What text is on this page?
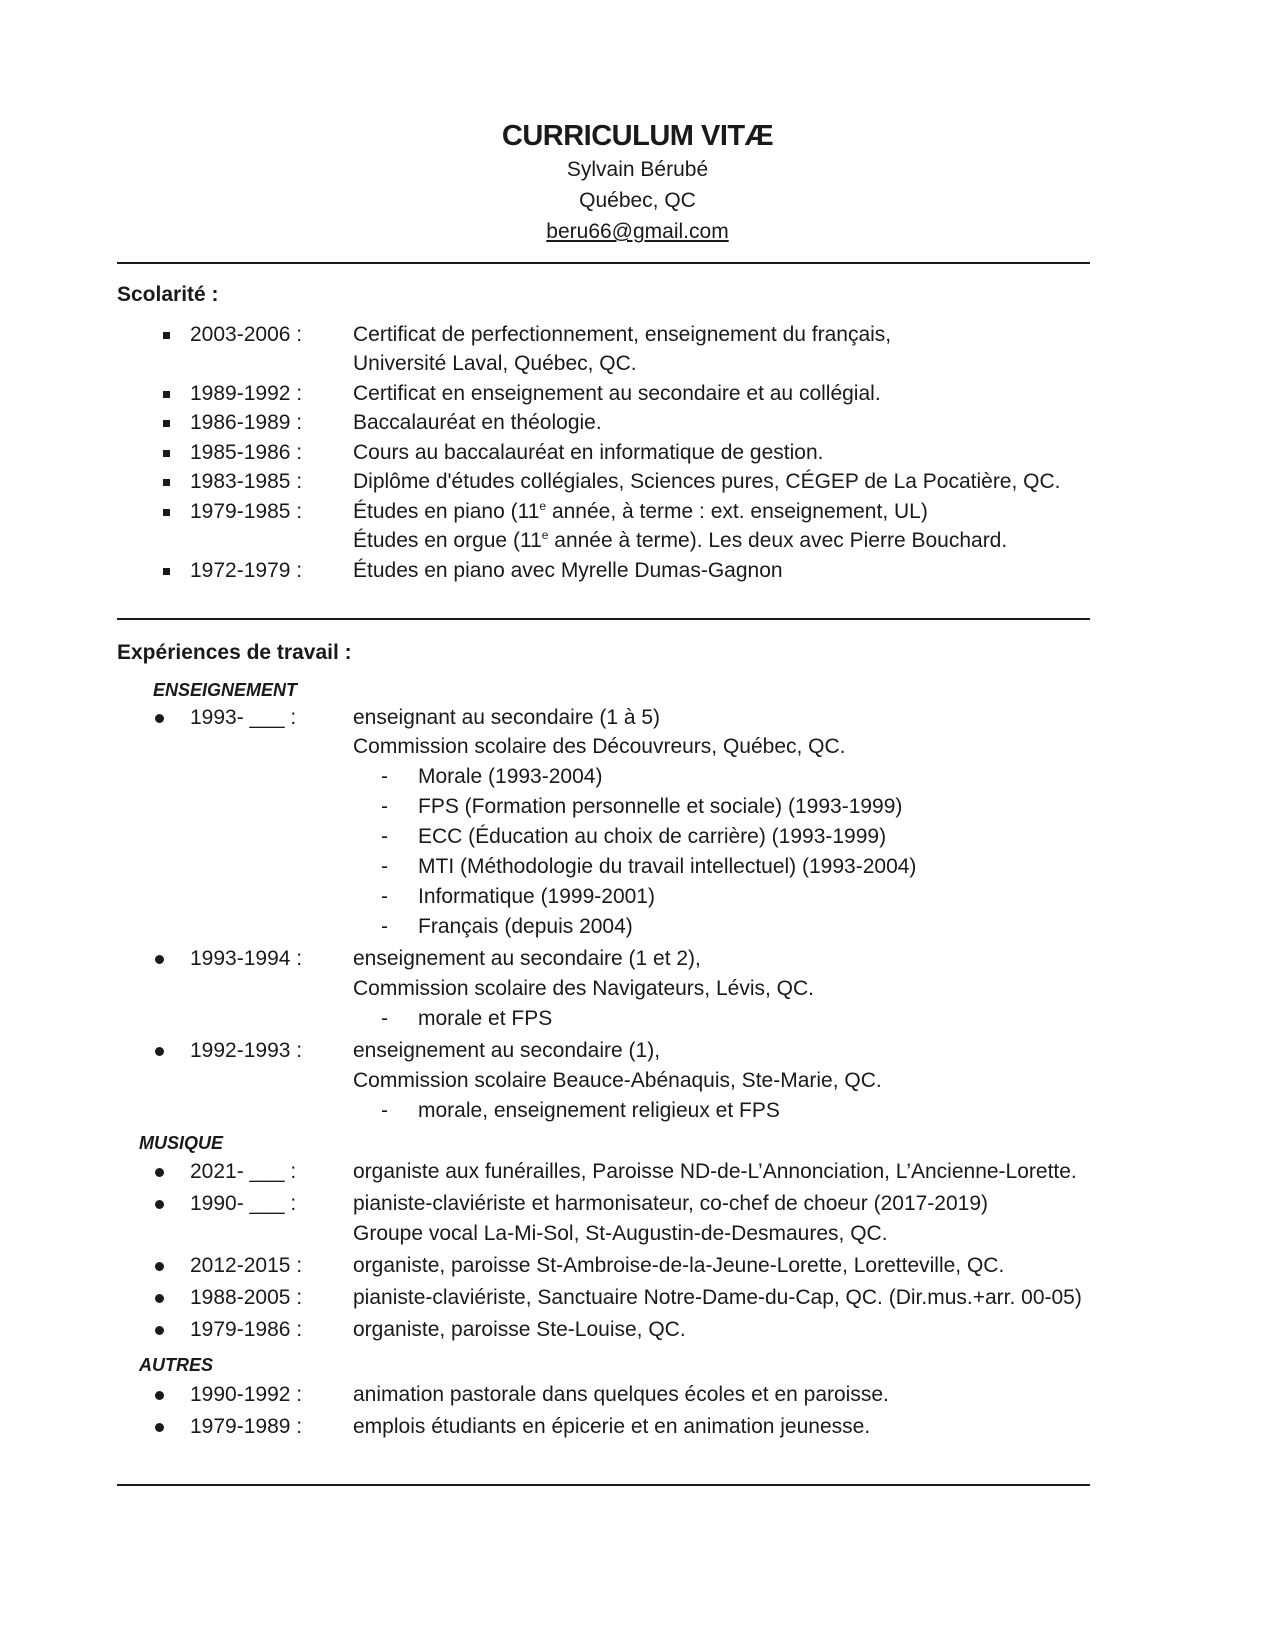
CURRICULUM VITÆ
Sylvain Bérubé
Québec, QC
beru66@gmail.com
Scolarité :
2003-2006 : Certificat de perfectionnement, enseignement du français,
Université Laval, Québec, QC.
1989-1992 : Certificat en enseignement au secondaire et au collégial.
1986-1989 : Baccalauréat en théologie.
1985-1986 : Cours au baccalauréat en informatique de gestion.
1983-1985 : Diplôme d'études collégiales, Sciences pures, CÉGEP de La Pocatière, QC.
1979-1985 : Études en piano (11e année, à terme : ext. enseignement, UL)
Études en orgue (11e année à terme). Les deux avec Pierre Bouchard.
1972-1979 : Études en piano avec Myrelle Dumas-Gagnon
Expériences de travail :
ENSEIGNEMENT
1993- ___ :	enseignant au secondaire (1 à 5)
Commission scolaire des Découvreurs, Québec, QC.
- Morale (1993-2004)
- FPS (Formation personnelle et sociale) (1993-1999)
- ECC (Éducation au choix de carrière) (1993-1999)
- MTI (Méthodologie du travail intellectuel) (1993-2004)
- Informatique (1999-2001)
- Français (depuis 2004)
1993-1994 : enseignement au secondaire (1 et 2),
Commission scolaire des Navigateurs, Lévis, QC.
- morale et FPS
1992-1993 : enseignement au secondaire (1),
Commission scolaire Beauce-Abénaquis, Ste-Marie, QC.
- morale, enseignement religieux et FPS
MUSIQUE
2021- ___ :	organiste aux funérailles, Paroisse ND-de-L’Annonciation, L’Ancienne-Lorette.
1990- ___ :	pianiste-claviériste et harmonisateur, co-chef de choeur (2017-2019)
Groupe vocal La-Mi-Sol, St-Augustin-de-Desmaures, QC.
2012-2015 : organiste, paroisse St-Ambroise-de-la-Jeune-Lorette, Loretteville, QC.
1988-2005 : pianiste-claviériste, Sanctuaire Notre-Dame-du-Cap, QC. (Dir.mus.+arr. 00-05)
1979-1986 : organiste, paroisse Ste-Louise, QC.
AUTRES
1990-1992 : animation pastorale dans quelques écoles et en paroisse.
1979-1989 : emplois étudiants en épicerie et en animation jeunesse.
